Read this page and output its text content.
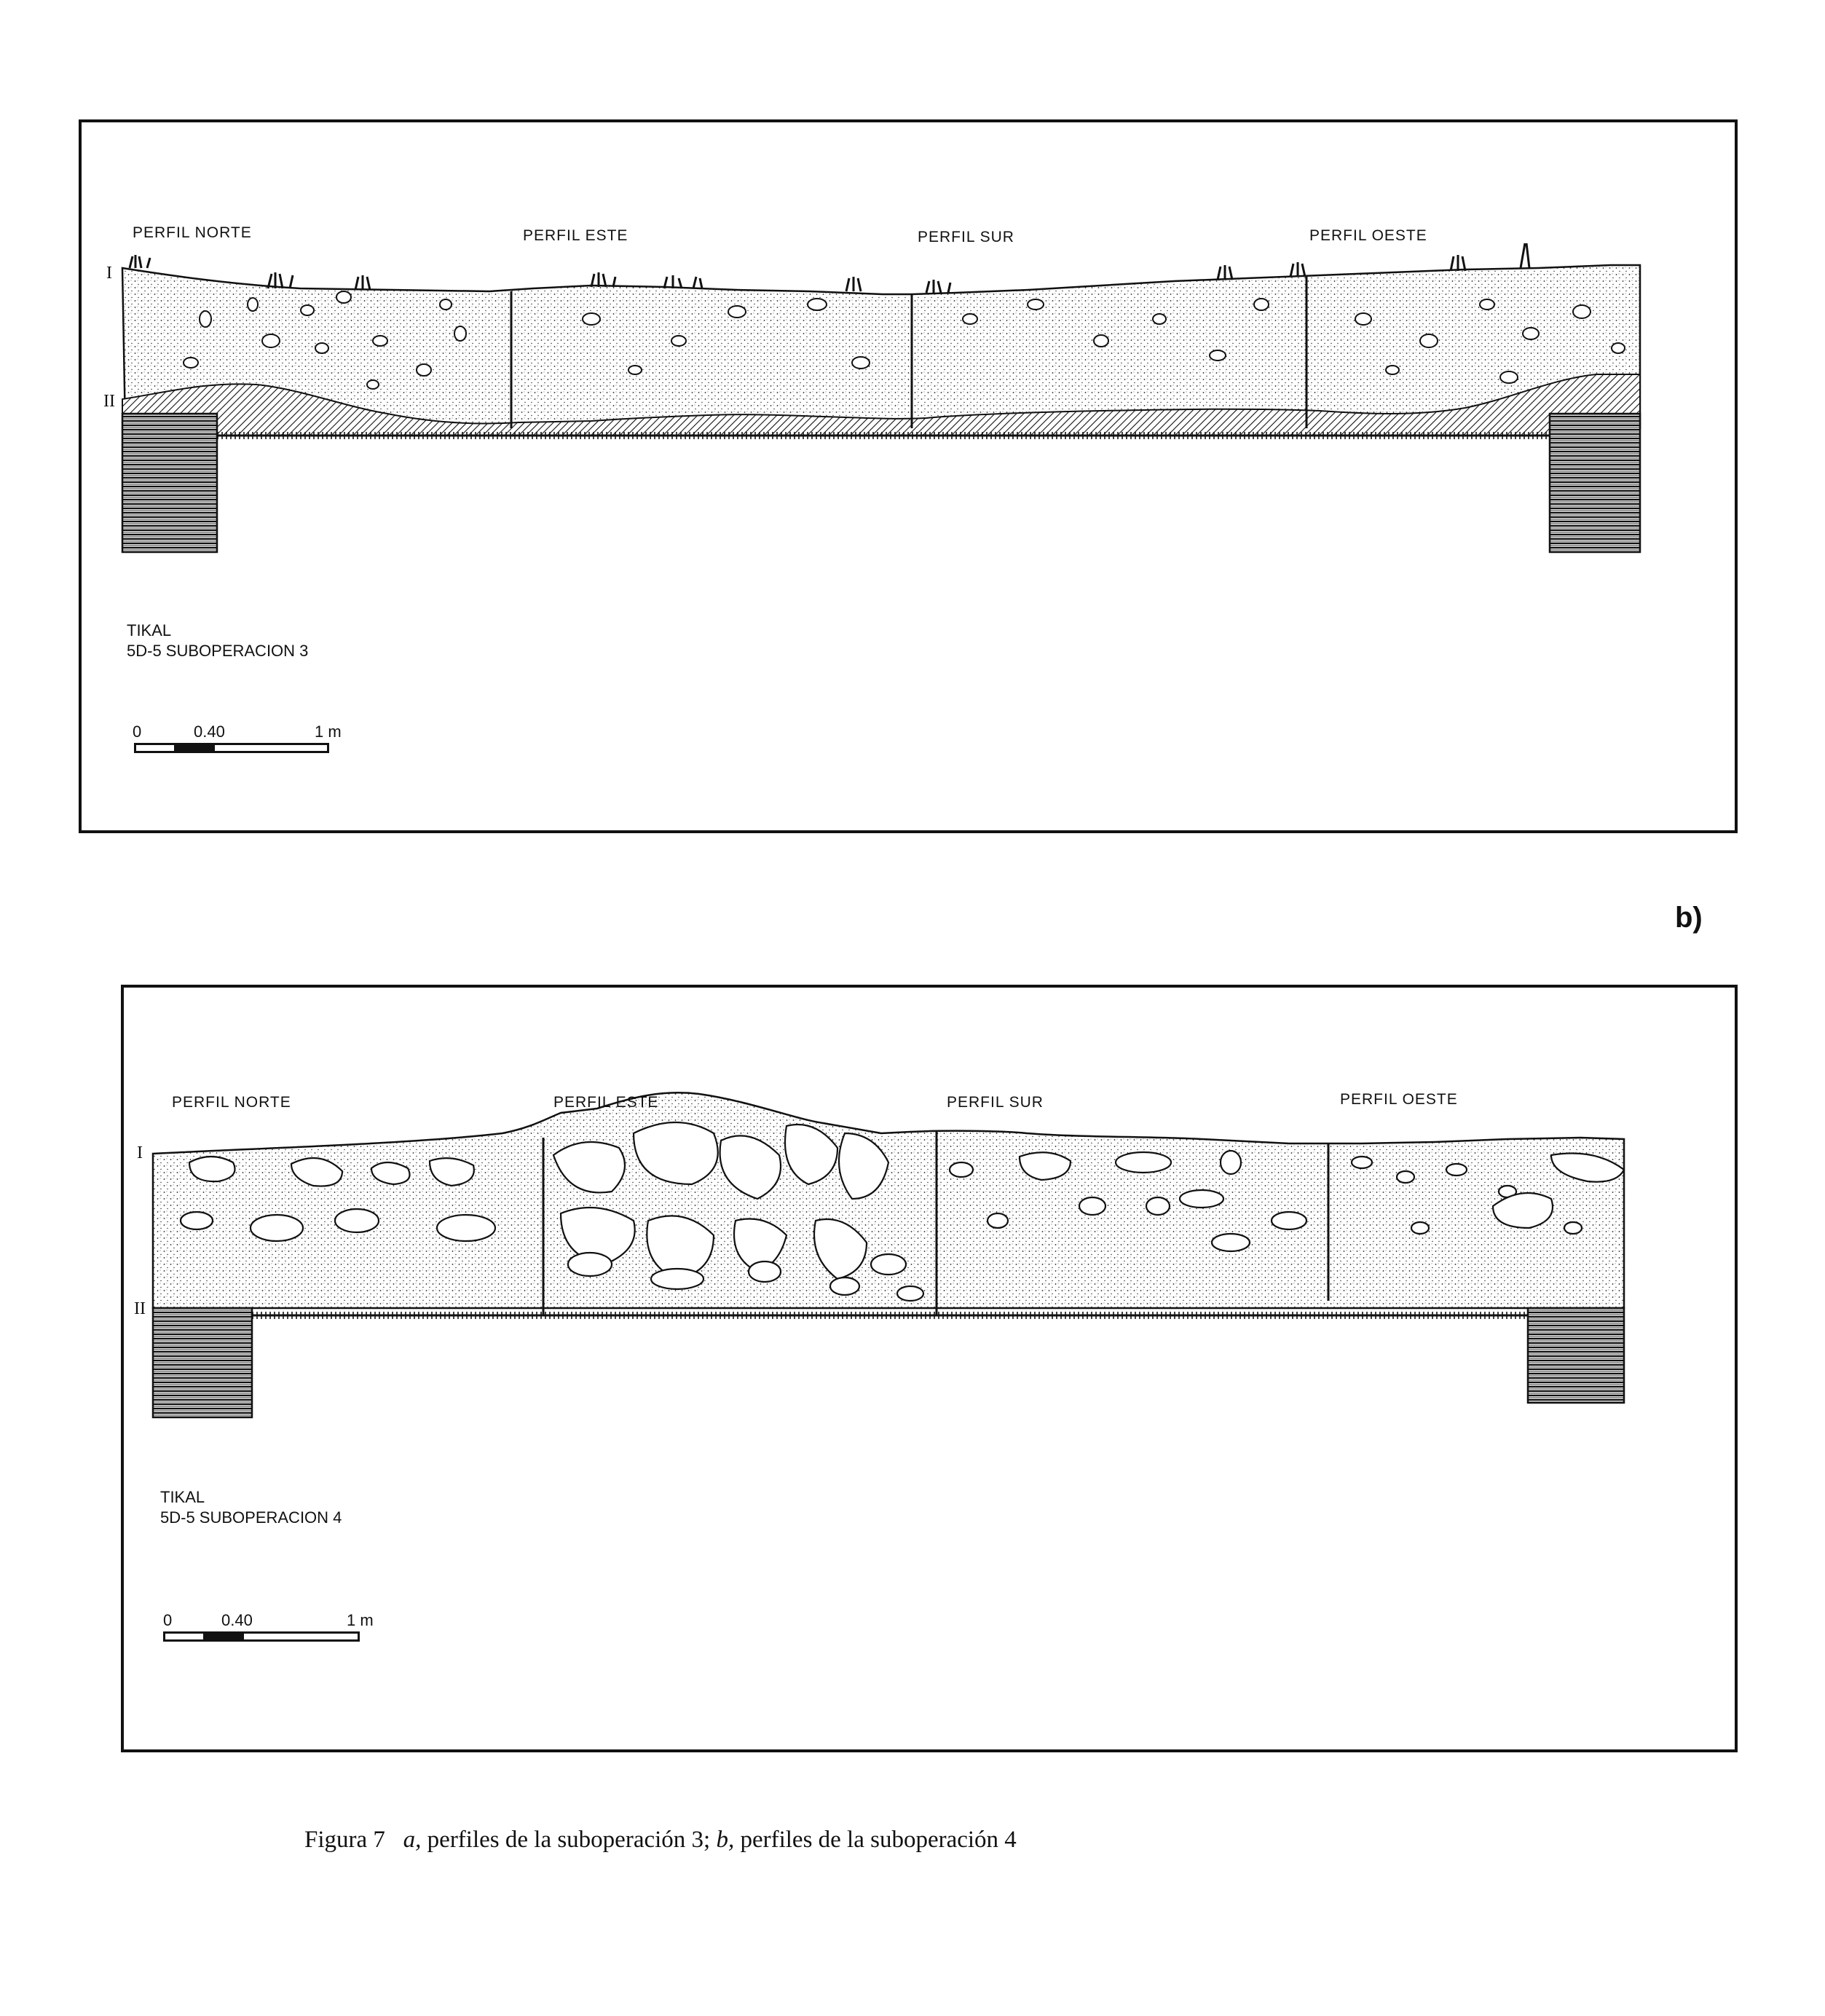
PERFIL NORTE	PERFIL ESTE	PERFIL SUR	PERFIL OESTE
I
II
TIKAL
5D-5 SUBOPERACION 3
0	0.40	1 m
b)
PERFIL NORTE	PERFIL ESTE	PERFIL SUR	PERFIL OESTE
I
II
TIKAL
5D-5 SUBOPERACION 4
0	0.40	1 m
Figura 7 a, perfiles de la suboperación 3; b, perfiles de la suboperación 4
